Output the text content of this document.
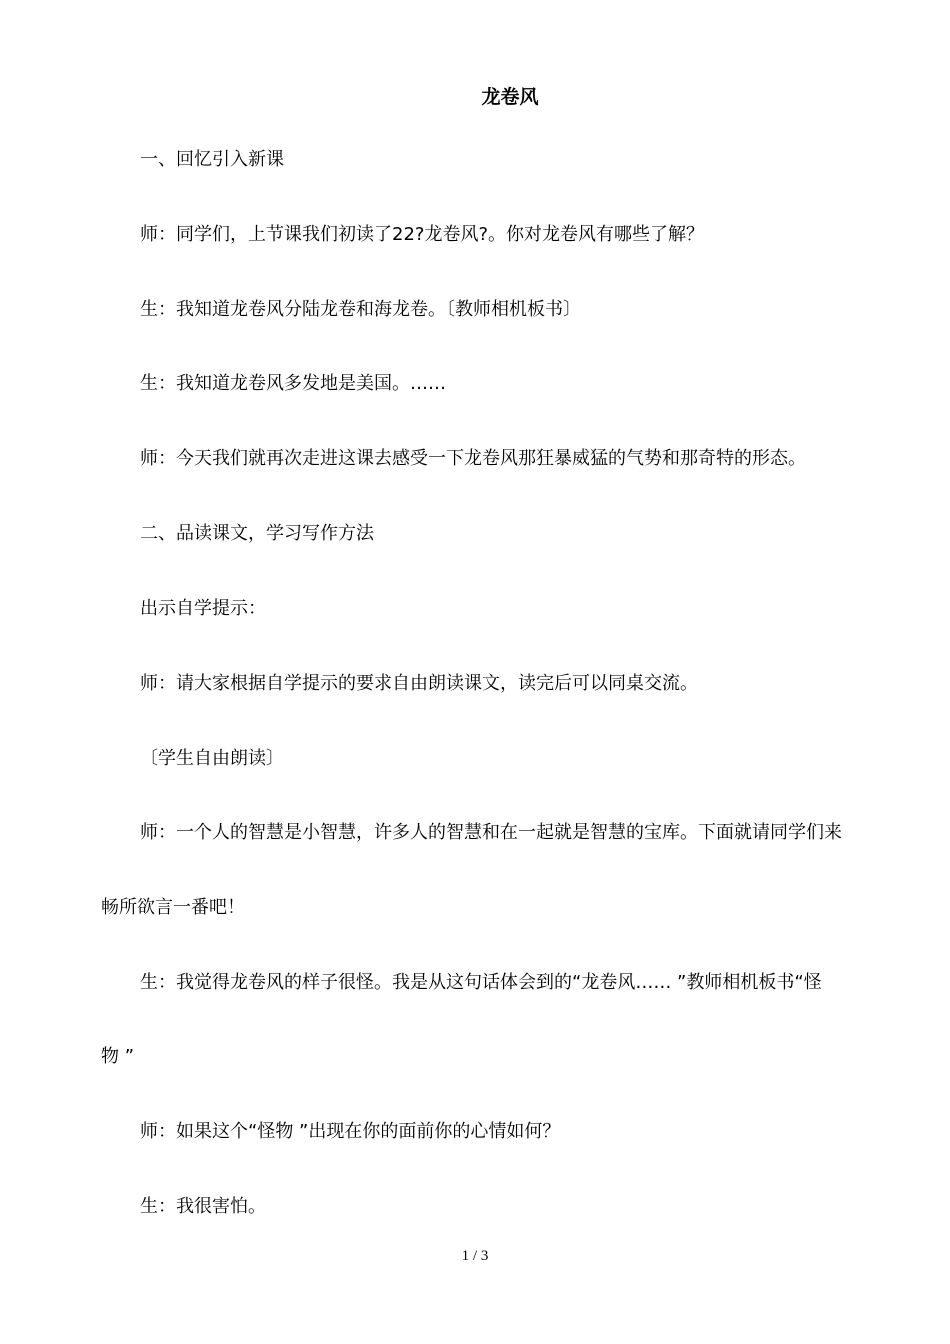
龙卷风
一、回忆引入新课
师：同学们，上节课我们初读了22?龙卷风?。你对龙卷风有哪些了解？
生：我知道龙卷风分陆龙卷和海龙卷。〔教师相机板书〕
生：我知道龙卷风多发地是美国。……
师：今天我们就再次走进这课去感受一下龙卷风那狂暴威猛的气势和那奇特的形态。
二、品读课文，学习写作方法
出示自学提示：
师：请大家根据自学提示的要求自由朗读课文，读完后可以同桌交流。
〔学生自由朗读〕
师：一个人的智慧是小智慧，许多人的智慧和在一起就是智慧的宝库。下面就请同学们来
畅所欲言一番吧！
生：我觉得龙卷风的样子很怪。我是从这句话体会到的“龙卷风…… ”教师相机板书“怪
物 ”
师：如果这个“怪物 ”出现在你的面前你的心情如何？
生：我很害怕。
1 / 3
